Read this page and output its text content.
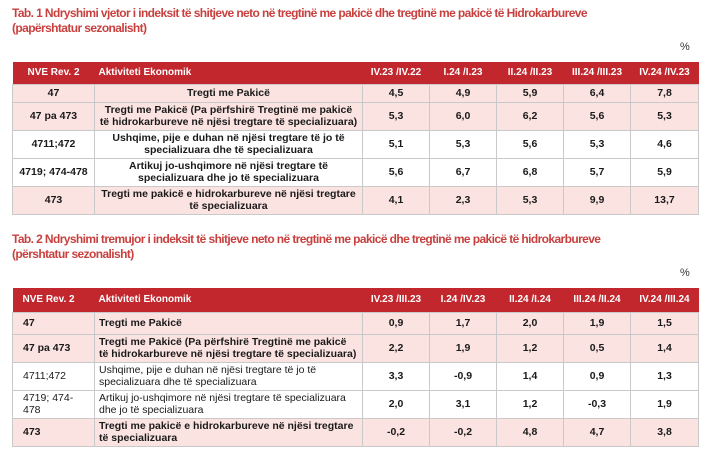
Tab. 1 Ndryshimi vjetor i indeksit të shitjeve neto në tregtinë me pakicë dhe tregtinë me pakicë të Hidrokarbureve
(papërshtatur sezonalisht)
%
NVE Rev. 2	Aktiviteti Ekonomik	IV.23 /IV.22	I.24 /I.23	II.24 /II.23	III.24 /III.23	IV.24 /IV.23
47	Tregti me Pakicë	4,5	4,9	5,9	6,4	7,8
47 pa 473	Tregti me Pakicë (Pa përfshirë Tregtinë me pakicë të hidrokarbureve në njësi tregtare të specializuara)	5,3	6,0	6,2	5,6	5,3
4711;472	Ushqime, pije e duhan në njësi tregtare të jo të specializuara dhe të specializuara	5,1	5,3	5,6	5,3	4,6
4719; 474-478	Artikuj jo-ushqimore në njësi tregtare të specializuara dhe jo të specializuara	5,6	6,7	6,8	5,7	5,9
473	Tregti me pakicë e hidrokarbureve në njësi tregtare të specializuara	4,1	2,3	5,3	9,9	13,7
Tab. 2 Ndryshimi tremujor i indeksit të shitjeve neto në tregtinë me pakicë dhe tregtinë me pakicë të hidrokarbureve
(përshtatur sezonalisht)
%
NVE Rev. 2	Aktiviteti Ekonomik	IV.23 /III.23	I.24 /IV.23	II.24 /I.24	III.24 /II.24	IV.24 /III.24
47	Tregti me Pakicë	0,9	1,7	2,0	1,9	1,5
47 pa 473	Tregti me Pakicë (Pa përfshirë Tregtinë me pakicë të hidrokarbureve në njësi tregtare të specializuara)	2,2	1,9	1,2	0,5	1,4
4711;472	Ushqime, pije e duhan në njësi tregtare të jo të specializuara dhe të specializuara	3,3	-0,9	1,4	0,9	1,3
4719; 474-478	Artikuj jo-ushqimore në njësi tregtare të specializuara dhe jo të specializuara	2,0	3,1	1,2	-0,3	1,9
473	Tregti me pakicë e hidrokarbureve në njësi tregtare të specializuara	-0,2	-0,2	4,8	4,7	3,8
